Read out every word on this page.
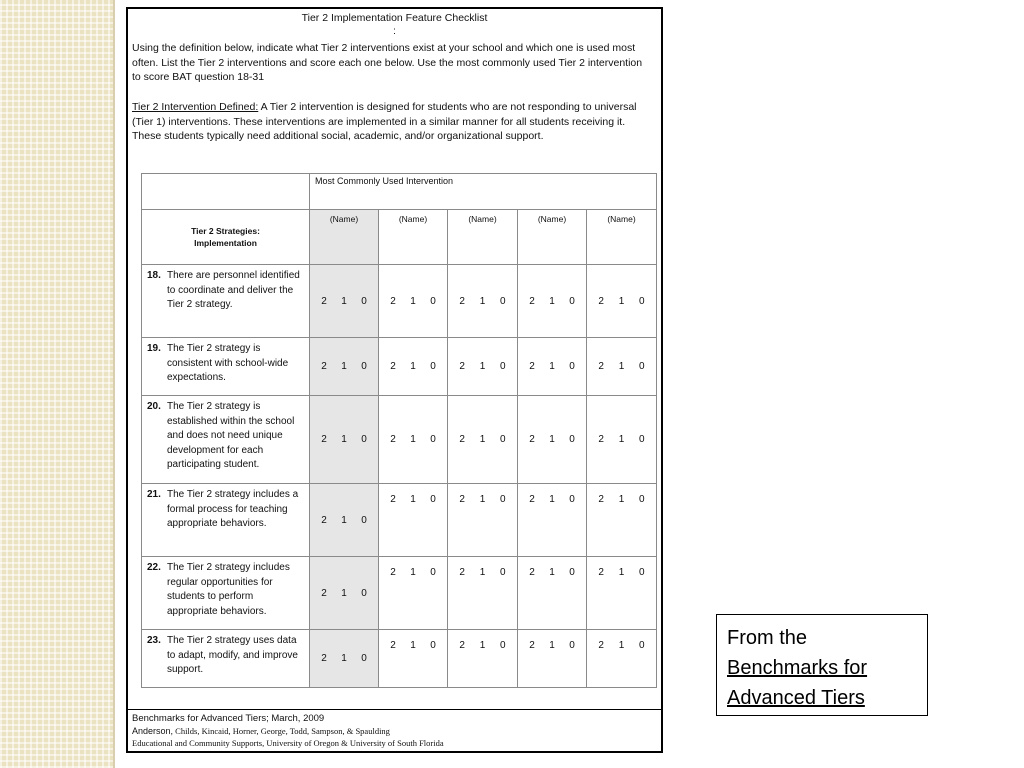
Tier 2 Implementation Feature Checklist
:
Using the definition below, indicate what Tier 2 interventions exist at your school and which one is used most often. List the Tier 2 interventions and score each one below. Use the most commonly used Tier 2 intervention to score BAT question 18-31
Tier 2 Intervention Defined: A Tier 2 intervention is designed for students who are not responding to universal (Tier 1) interventions. These interventions are implemented in a similar manner for all students receiving it. These students typically need additional social, academic, and/or organizational support.
	Most Commonly Used Intervention				

Tier 2 Strategies:
Implementation	(Name)	(Name)	(Name)	(Name)	(Name)

18. There are personnel identified to coordinate and deliver the Tier 2 strategy.	2 1 0	2 1 0	2 1 0	2 1 0	2 1 0

19. The Tier 2 strategy is consistent with school-wide expectations.	2 1 0	2 1 0	2 1 0	2 1 0	2 1 0

20. The Tier 2 strategy is established within the school and does not need unique development for each participating student.	2 1 0	2 1 0	2 1 0	2 1 0	2 1 0

21. The Tier 2 strategy includes a formal process for teaching appropriate behaviors.	2 1 0	2 1 0	2 1 0	2 1 0	2 1 0

22. The Tier 2 strategy includes regular opportunities for students to perform appropriate behaviors.	2 1 0	2 1 0	2 1 0	2 1 0	2 1 0

23. The Tier 2 strategy uses data to adapt, modify, and improve support.	2 1 0	2 1 0	2 1 0	2 1 0	2 1 0
Benchmarks for Advanced Tiers; March, 2009
Anderson, Childs, Kincaid, Horner, George, Todd, Sampson, & Spaulding
Educational and Community Supports, University of Oregon & University of South Florida
From the
Benchmarks for
Advanced Tiers
